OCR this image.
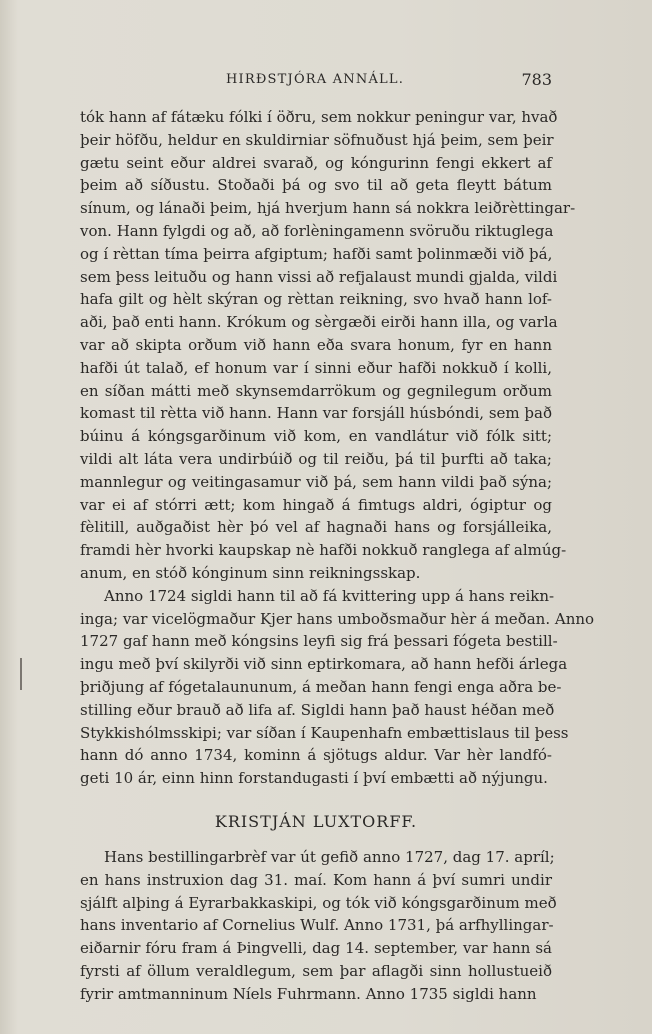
HIRÐSTJÓRA ANNÁLL.	783
tók hann af fátæku fólki í öðru, sem nokkur peningur var, hvað
þeir höfðu, heldur en skuldirniar söfnuðust hjá þeim, sem þeir
gætu seint eður aldrei svarað, og kóngurinn fengi ekkert af
þeim að síðustu. Stoðaði þá og svo til að geta fleytt bátum
sínum, og lánaði þeim, hjá hverjum hann sá nokkra leiðrèttingar-
von. Hann fylgdi og að, að forlèningamenn svöruðu riktuglega
og í rèttan tíma þeirra afgiptum; hafði samt þolinmæði við þá,
sem þess leituðu og hann vissi að refjalaust mundi gjalda, vildi
hafa gilt og hèlt skýran og rèttan reikning, svo hvað hann lof-
aði, það enti hann. Krókum og sèrgæði eirði hann illa, og varla
var að skipta orðum við hann eða svara honum, fyr en hann
hafði út talað, ef honum var í sinni eður hafði nokkuð í kolli,
en síðan mátti með skynsemdarrökum og gegnilegum orðum
komast til rètta við hann. Hann var forsjáll húsbóndi, sem það
búinu á kóngsgarðinum við kom, en vandlátur við fólk sitt;
vildi alt láta vera undirbúið og til reiðu, þá til þurfti að taka;
mannlegur og veitingasamur við þá, sem hann vildi það sýna;
var ei af stórri ætt; kom hingað á fimtugs aldri, ógiptur og
fèlitill, auðgaðist hèr þó vel af hagnaði hans og forsjálleika,
framdi hèr hvorki kaupskap nè hafði nokkuð ranglega af almúg-
anum, en stóð kónginum sinn reikningsskap.
Anno 1724 sigldi hann til að fá kvittering upp á hans reikn-
inga; var vicelögmaður Kjer hans umboðsmaður hèr á meðan. Anno
1727 gaf hann með kóngsins leyfi sig frá þessari fógeta bestill-
ingu með því skilyrði við sinn eptirkomara, að hann hefði árlega
þriðjung af fógetalaununum, á meðan hann fengi enga aðra be-
stilling eður brauð að lifa af. Sigldi hann það haust héðan með
Stykkishólmsskipi; var síðan í Kaupenhafn embættislaus til þess
hann dó anno 1734, kominn á sjötugs aldur. Var hèr landfó-
geti 10 ár, einn hinn forstandugasti í því embætti að nýjungu.
KRISTJÁN LUXTORFF.
Hans bestillingarbrèf var út gefið anno 1727, dag 17. apríl;
en hans instruxion dag 31. maí. Kom hann á því sumri undir
sjálft alþing á Eyrarbakkaskipi, og tók við kóngsgarðinum með
hans inventario af Cornelius Wulf. Anno 1731, þá arfhyllingar-
eiðarnir fóru fram á Þingvelli, dag 14. september, var hann sá
fyrsti af öllum veraldlegum, sem þar aflagði sinn hollustueið
fyrir amtmanninum Níels Fuhrmann. Anno 1735 sigldi hann
